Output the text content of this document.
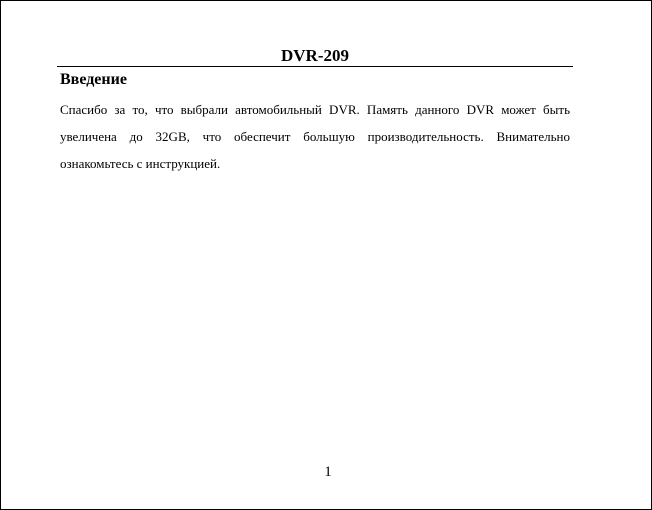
DVR-209
Введение
Спасибо за то, что выбрали автомобильный DVR. Память данного DVR может быть увеличена до 32GB, что обеспечит большую производительность. Внимательно ознакомьтесь с инструкцией.
1
